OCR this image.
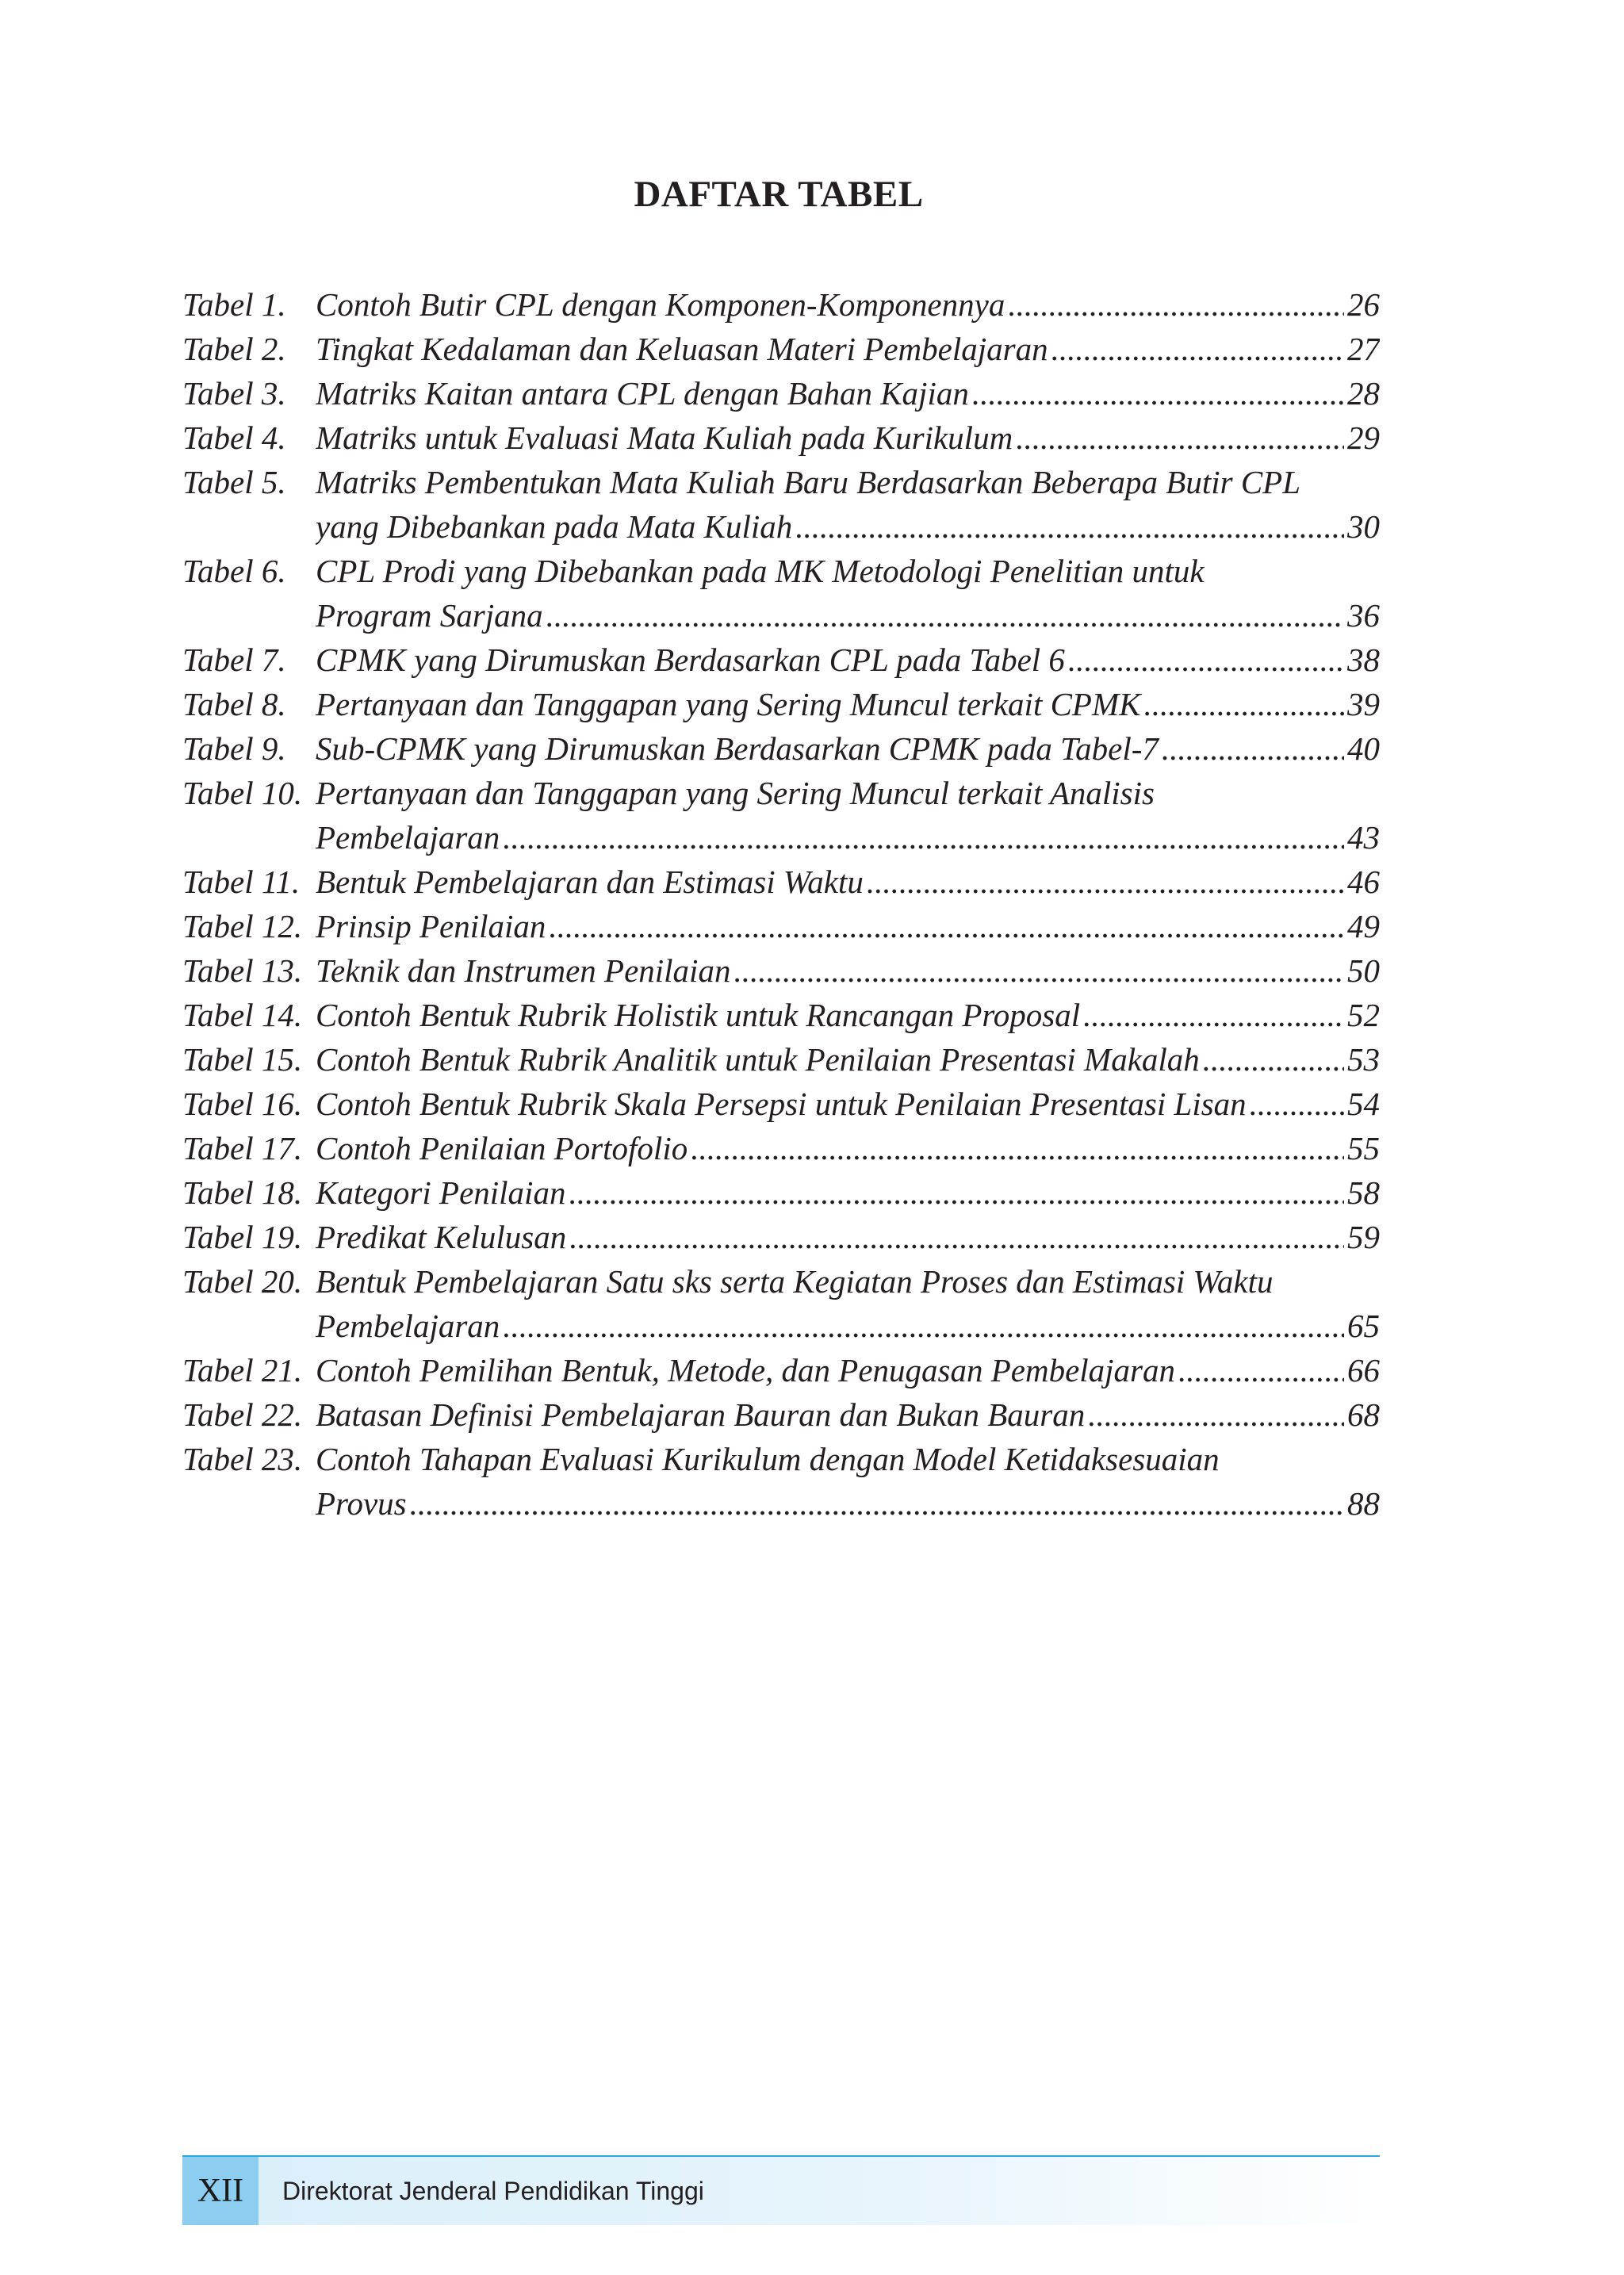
DAFTAR TABEL
Tabel 1. Contoh Butir CPL dengan Komponen-Komponennya .....	26
Tabel 2. Tingkat Kedalaman dan Keluasan Materi Pembelajaran .....	27
Tabel 3. Matriks Kaitan antara CPL dengan Bahan Kajian .....	28
Tabel 4. Matriks untuk Evaluasi Mata Kuliah pada Kurikulum .....	29
Tabel 5. Matriks Pembentukan Mata Kuliah Baru Berdasarkan Beberapa Butir CPL
yang Dibebankan pada Mata Kuliah .....	30
Tabel 6. CPL Prodi yang Dibebankan pada MK Metodologi Penelitian untuk
Program Sarjana .....	36
Tabel 7. CPMK yang Dirumuskan Berdasarkan CPL pada Tabel 6 .....	38
Tabel 8. Pertanyaan dan Tanggapan yang Sering Muncul terkait CPMK .....	39
Tabel 9. Sub-CPMK yang Dirumuskan Berdasarkan CPMK pada Tabel-7 .....	40
Tabel 10. Pertanyaan dan Tanggapan yang Sering Muncul terkait Analisis
Pembelajaran .....	43
Tabel 11. Bentuk Pembelajaran dan Estimasi Waktu .....	46
Tabel 12. Prinsip Penilaian .....	49
Tabel 13. Teknik dan Instrumen Penilaian .....	50
Tabel 14. Contoh Bentuk Rubrik Holistik untuk Rancangan Proposal .....	52
Tabel 15. Contoh Bentuk Rubrik Analitik untuk Penilaian Presentasi Makalah .....	53
Tabel 16. Contoh Bentuk Rubrik Skala Persepsi untuk Penilaian Presentasi Lisan .....	54
Tabel 17. Contoh Penilaian Portofolio .....	55
Tabel 18. Kategori Penilaian .....	58
Tabel 19. Predikat Kelulusan .....	59
Tabel 20. Bentuk Pembelajaran Satu sks serta Kegiatan Proses dan Estimasi Waktu
Pembelajaran .....	65
Tabel 21. Contoh Pemilihan Bentuk, Metode, dan Penugasan Pembelajaran .....	66
Tabel 22. Batasan Definisi Pembelajaran Bauran dan Bukan Bauran .....	68
Tabel 23. Contoh Tahapan Evaluasi Kurikulum dengan Model Ketidaksesuaian
Provus .....	88
XII	Direktorat Jenderal Pendidikan Tinggi
